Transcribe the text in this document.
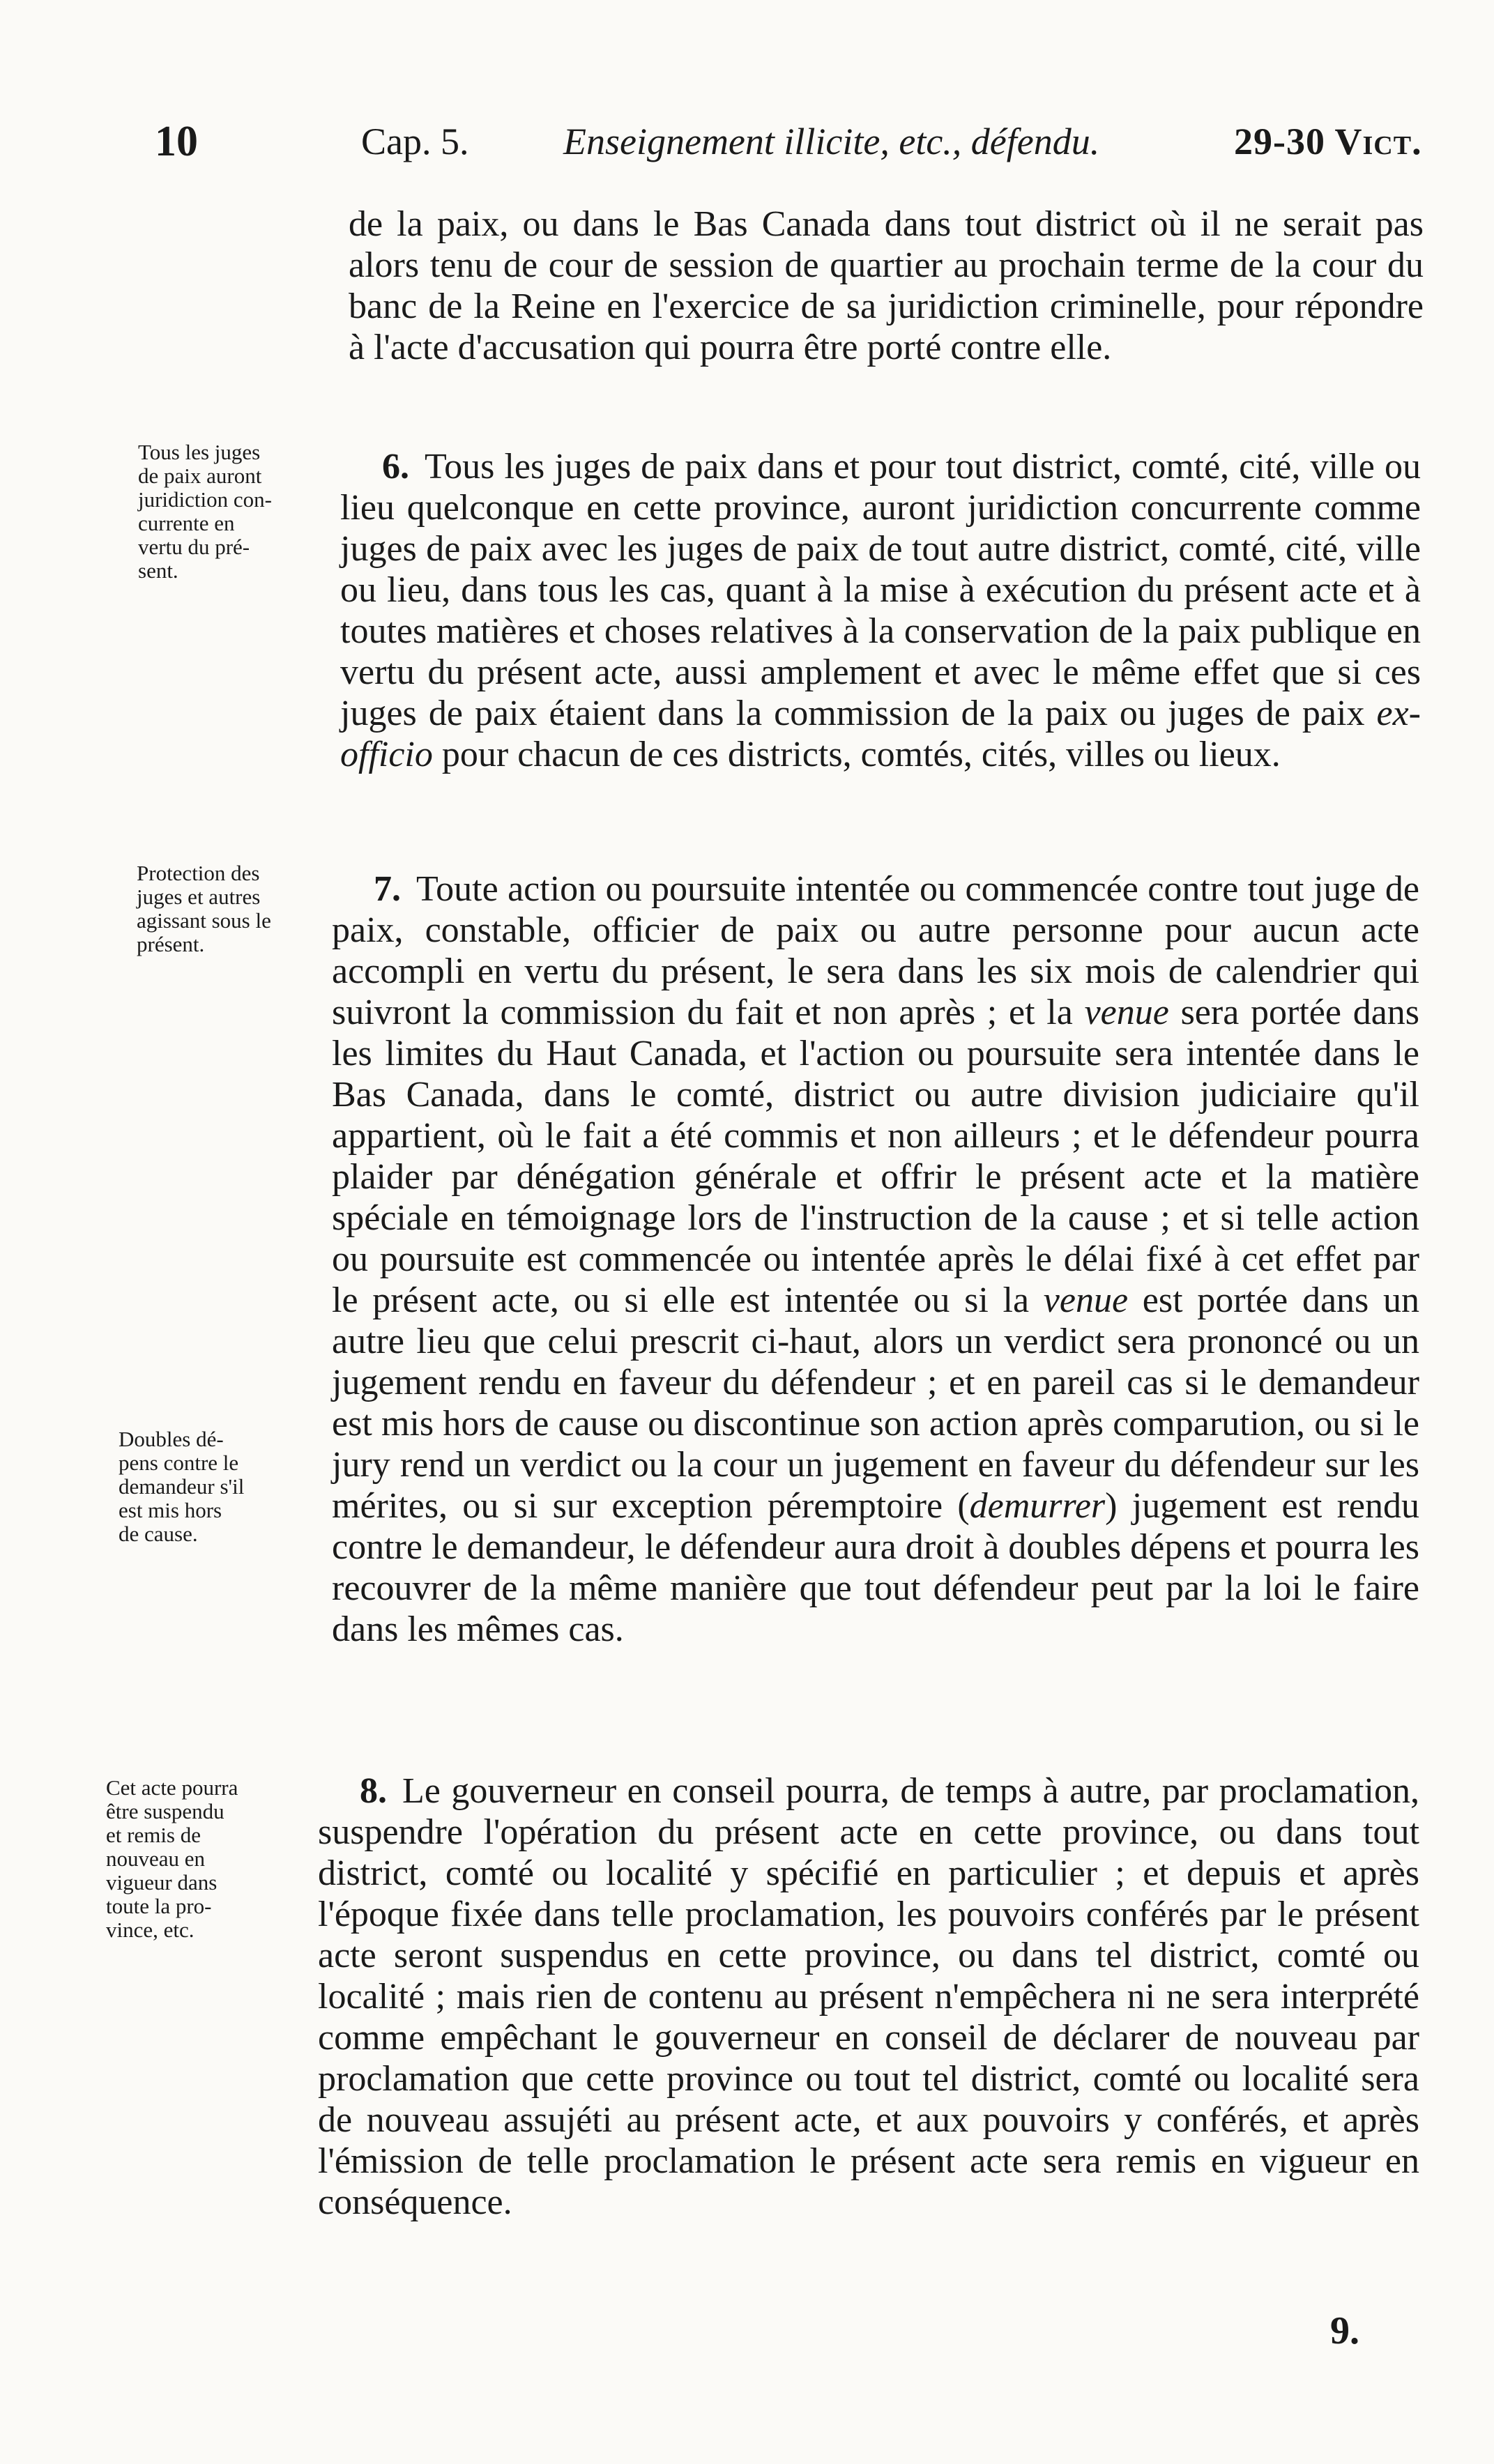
10	Cap. 5.	Enseignement illicite, etc., défendu.	29-30 Vict.

de la paix, ou dans le Bas Canada dans tout district où il ne serait pas alors tenu de cour de session de quartier au prochain terme de la cour du banc de la Reine en l'exercice de sa juridiction criminelle, pour répondre à l'acte d'accusation qui pourra être porté contre elle.

Tous les juges
de paix auront
juridiction con-
currente en
vertu du pré-
sent.

6. Tous les juges de paix dans et pour tout district, comté, cité, ville ou lieu quelconque en cette province, auront juridiction concurrente comme juges de paix avec les juges de paix de tout autre district, comté, cité, ville ou lieu, dans tous les cas, quant à la mise à exécution du présent acte et à toutes matières et choses relatives à la conservation de la paix publique en vertu du présent acte, aussi amplement et avec le même effet que si ces juges de paix étaient dans la commission de la paix ou juges de paix ex-officio pour chacun de ces districts, comtés, cités, villes ou lieux.

Protection des
juges et autres
agissant sous le
présent.

7. Toute action ou poursuite intentée ou commencée contre tout juge de paix, constable, officier de paix ou autre personne pour aucun acte accompli en vertu du présent, le sera dans les six mois de calendrier qui suivront la commission du fait et non après ; et la venue sera portée dans les limites du Haut Canada, et l'action ou poursuite sera intentée dans le Bas Canada, dans le comté, district ou autre division judiciaire qu'il appartient, où le fait a été commis et non ailleurs ; et le défendeur pourra plaider par dénégation générale et offrir le présent acte et la matière spéciale en témoignage lors de l'instruction de la cause ; et si telle action ou poursuite est commencée ou intentée après le délai fixé à cet effet par le présent acte, ou si elle est intentée ou si la venue est portée dans un autre lieu que celui prescrit ci-haut, alors un verdict sera prononcé ou un jugement rendu en faveur du défendeur ; et en pareil cas si le demandeur est mis hors de cause ou discontinue son action après comparution, ou si le jury rend un verdict ou la cour un jugement en faveur du défendeur sur les mérites, ou si sur exception péremptoire (demurrer) jugement est rendu contre le demandeur, le défendeur aura droit à doubles dépens et pourra les recouvrer de la même manière que tout défendeur peut par la loi le faire dans les mêmes cas.

Doubles dé-
pens contre le
demandeur s'il
est mis hors
de cause.
Cet acte pourra
être suspendu
et remis de
nouveau en
vigueur dans
toute la pro-
vince, etc.

8. Le gouverneur en conseil pourra, de temps à autre, par proclamation, suspendre l'opération du présent acte en cette province, ou dans tout district, comté ou localité y spécifié en particulier ; et depuis et après l'époque fixée dans telle proclamation, les pouvoirs conférés par le présent acte seront suspendus en cette province, ou dans tel district, comté ou localité ; mais rien de contenu au présent n'empêchera ni ne sera interprété comme empêchant le gouverneur en conseil de déclarer de nouveau par proclamation que cette province ou tout tel district, comté ou localité sera de nouveau assujéti au présent acte, et aux pouvoirs y conférés, et après l'émission de telle proclamation le présent acte sera remis en vigueur en conséquence.

9.
